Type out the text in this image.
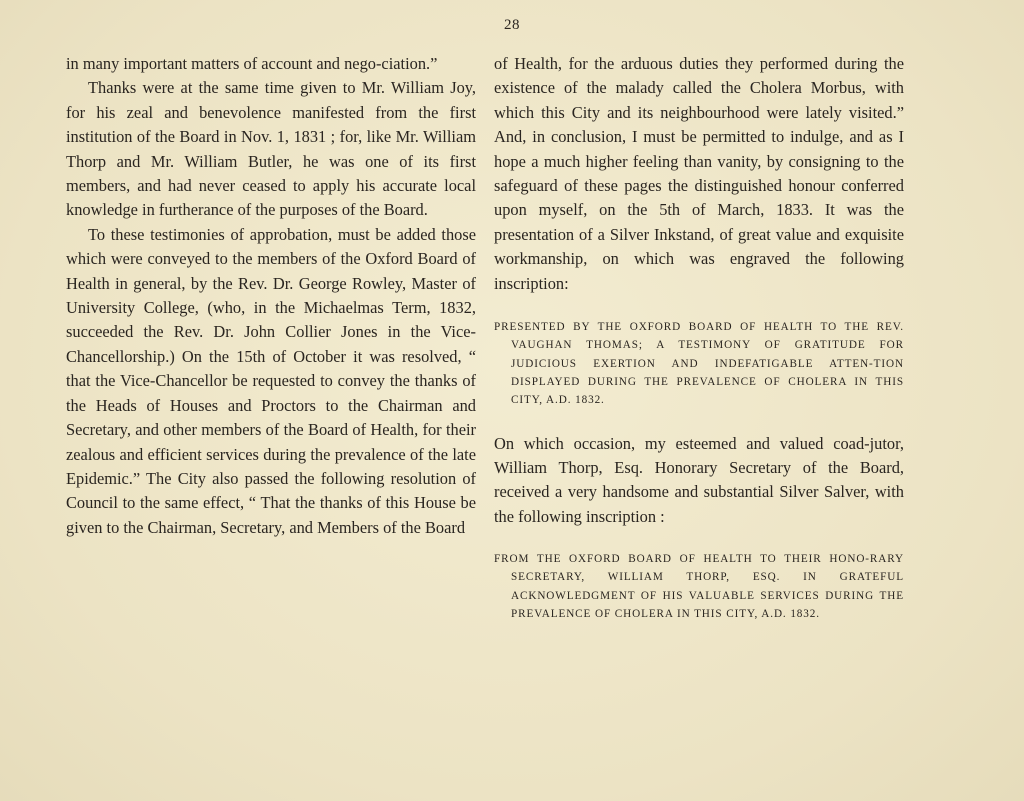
28

in many important matters of account and nego-ciation.”

Thanks were at the same time given to Mr. William Joy, for his zeal and benevolence manifested from the first institution of the Board in Nov. 1, 1831 ; for, like Mr. William Thorp and Mr. William Butler, he was one of its first members, and had never ceased to apply his accurate local knowledge in furtherance of the purposes of the Board.

To these testimonies of approbation, must be added those which were conveyed to the members of the Oxford Board of Health in general, by the Rev. Dr. George Rowley, Master of University College, (who, in the Michaelmas Term, 1832, succeeded the Rev. Dr. John Collier Jones in the Vice-Chancellorship.) On the 15th of October it was resolved, “ that the Vice-Chancellor be requested to convey the thanks of the Heads of Houses and Proctors to the Chairman and Secretary, and other members of the Board of Health, for their zealous and efficient services during the prevalence of the late Epidemic.” The City also passed the following resolution of Council to the same effect, “ That the thanks of this House be given to the Chairman, Secretary, and Members of the Board

of Health, for the arduous duties they performed during the existence of the malady called the Cholera Morbus, with which this City and its neighbourhood were lately visited.” And, in conclusion, I must be permitted to indulge, and as I hope a much higher feeling than vanity, by consigning to the safeguard of these pages the distinguished honour conferred upon myself, on the 5th of March, 1833. It was the presentation of a Silver Inkstand, of great value and exquisite workmanship, on which was engraved the following inscription:

PRESENTED BY THE OXFORD BOARD OF HEALTH TO THE REV. VAUGHAN THOMAS; A TESTIMONY OF GRATITUDE FOR JUDICIOUS EXERTION AND INDEFATIGABLE ATTEN-TION DISPLAYED DURING THE PREVALENCE OF CHOLERA IN THIS CITY, A.D. 1832.

On which occasion, my esteemed and valued coad-jutor, William Thorp, Esq. Honorary Secretary of the Board, received a very handsome and substantial Silver Salver, with the following inscription :

FROM THE OXFORD BOARD OF HEALTH TO THEIR HONO-RARY SECRETARY, WILLIAM THORP, ESQ. IN GRATEFUL ACKNOWLEDGMENT OF HIS VALUABLE SERVICES DURING THE PREVALENCE OF CHOLERA IN THIS CITY, A.D. 1832.
